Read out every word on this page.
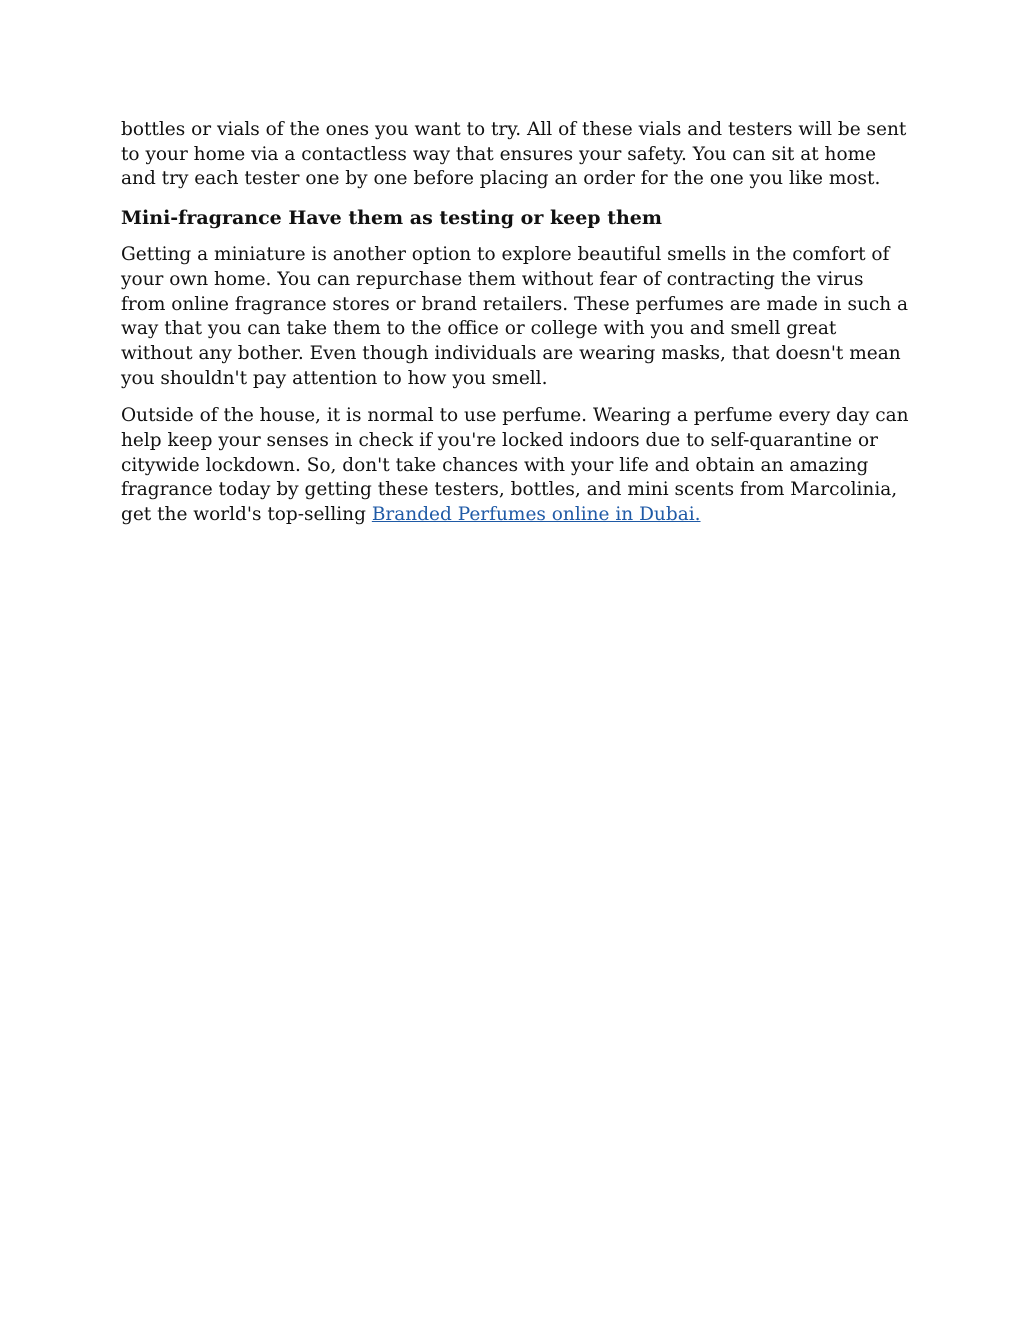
bottles or vials of the ones you want to try. All of these vials and testers will be sent to your home via a contactless way that ensures your safety. You can sit at home and try each tester one by one before placing an order for the one you like most.

Mini-fragrance Have them as testing or keep them

Getting a miniature is another option to explore beautiful smells in the comfort of your own home. You can repurchase them without fear of contracting the virus from online fragrance stores or brand retailers. These perfumes are made in such a way that you can take them to the office or college with you and smell great without any bother. Even though individuals are wearing masks, that doesn't mean you shouldn't pay attention to how you smell.

Outside of the house, it is normal to use perfume. Wearing a perfume every day can help keep your senses in check if you're locked indoors due to self-quarantine or citywide lockdown. So, don't take chances with your life and obtain an amazing fragrance today by getting these testers, bottles, and mini scents from Marcolinia, get the world's top-selling Branded Perfumes online in Dubai.
